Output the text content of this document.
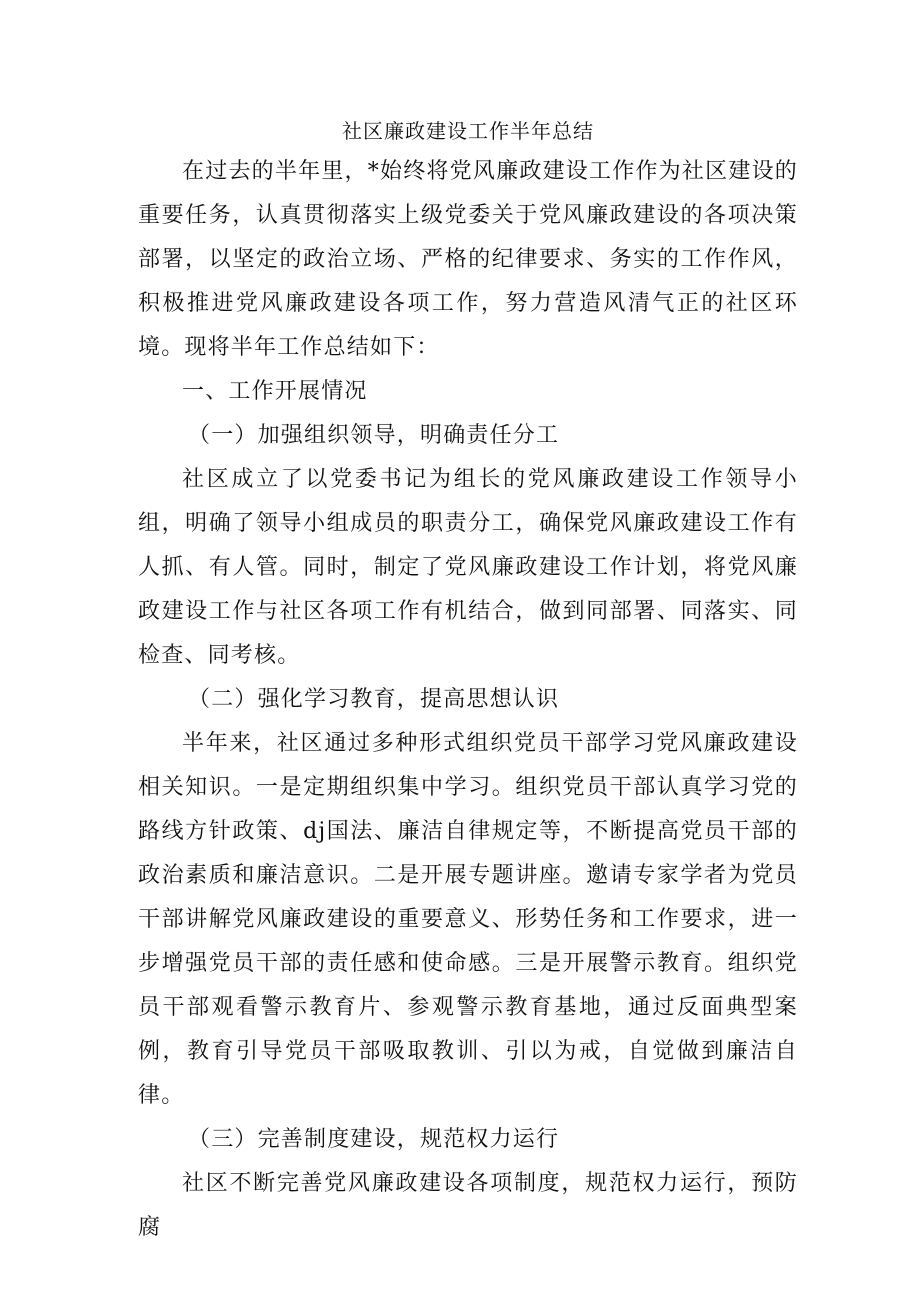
社区廉政建设工作半年总结

在过去的半年里，*始终将党风廉政建设工作作为社区建设的重要任务，认真贯彻落实上级党委关于党风廉政建设的各项决策部署，以坚定的政治立场、严格的纪律要求、务实的工作作风，积极推进党风廉政建设各项工作，努力营造风清气正的社区环境。现将半年工作总结如下：

一、工作开展情况

（一）加强组织领导，明确责任分工

社区成立了以党委书记为组长的党风廉政建设工作领导小组，明确了领导小组成员的职责分工，确保党风廉政建设工作有人抓、有人管。同时，制定了党风廉政建设工作计划，将党风廉政建设工作与社区各项工作有机结合，做到同部署、同落实、同检查、同考核。

（二）强化学习教育，提高思想认识

半年来，社区通过多种形式组织党员干部学习党风廉政建设相关知识。一是定期组织集中学习。组织党员干部认真学习党的路线方针政策、dj国法、廉洁自律规定等，不断提高党员干部的政治素质和廉洁意识。二是开展专题讲座。邀请专家学者为党员干部讲解党风廉政建设的重要意义、形势任务和工作要求，进一步增强党员干部的责任感和使命感。三是开展警示教育。组织党员干部观看警示教育片、参观警示教育基地，通过反面典型案例，教育引导党员干部吸取教训、引以为戒，自觉做到廉洁自律。

（三）完善制度建设，规范权力运行

社区不断完善党风廉政建设各项制度，规范权力运行，预防腐
